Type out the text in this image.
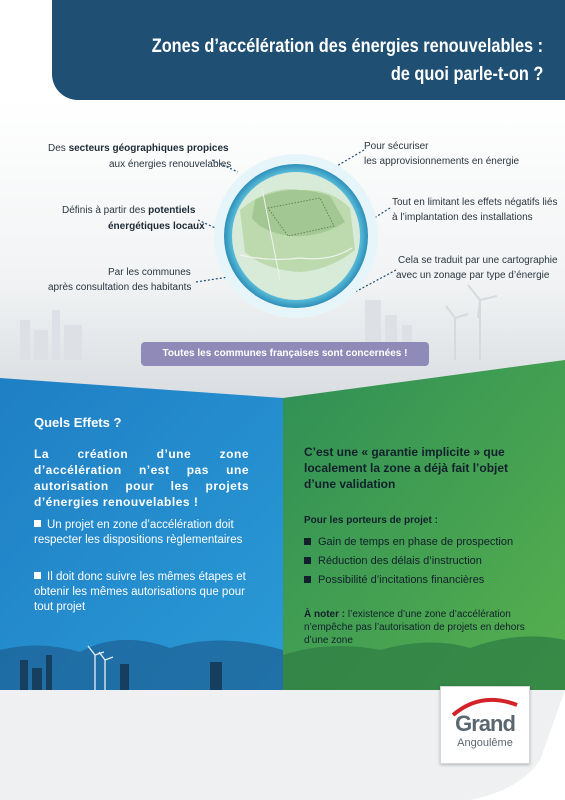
Zones d’accélération des énergies renouvelables :
de quoi parle-t-on ?
Des secteurs géographiques propices
aux énergies renouvelables
Définis à partir des potentiels
énergétiques locaux
Par les communes
après consultation des habitants
Pour sécuriser
les approvisionnements en énergie
Tout en limitant les effets négatifs liés
à l’implantation des installations
Cela se traduit par une cartographie
avec un zonage par type d’énergie
Toutes les communes françaises sont concernées !
Quels Effets ?
La création d’une zone d’accélération n’est pas une autorisation pour les projets d’énergies renouvelables !
Un projet en zone d’accélération doit respecter les dispositions règlementaires
Il doit donc suivre les mêmes étapes et obtenir les mêmes autorisations que pour tout projet
C’est une « garantie implicite » que localement la zone a déjà fait l’objet d’une validation
Pour les porteurs de projet :
Gain de temps en phase de prospection
Réduction des délais d’instruction
Possibilité d’incitations financières
À noter : l’existence d’une zone d’accélération n’empêche pas l’autorisation de projets en dehors d’une zone
Grand
Angoulême
